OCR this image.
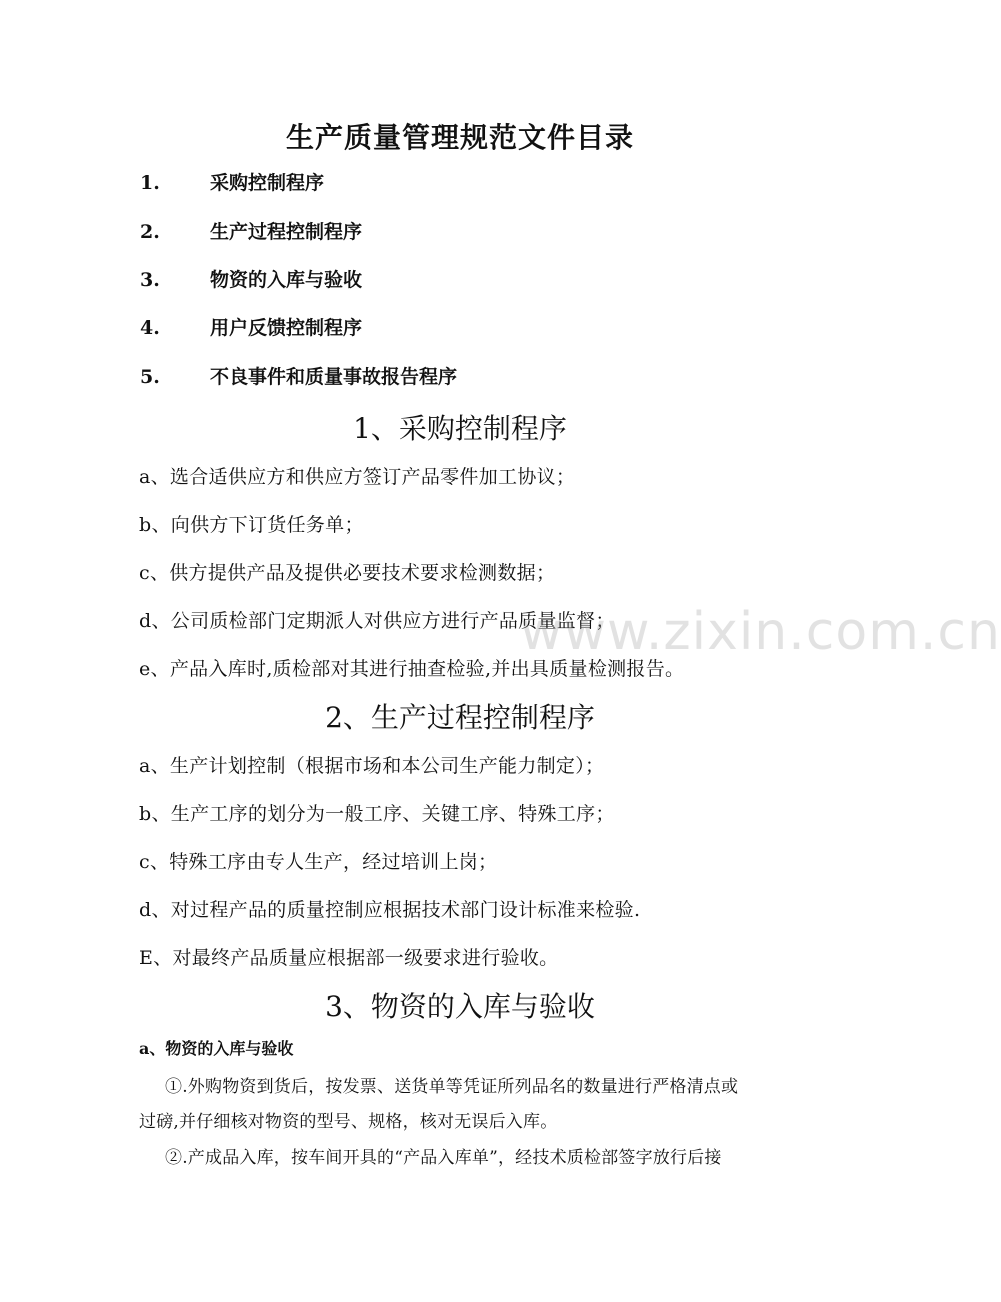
生产质量管理规范文件目录
1.	采购控制程序
2.	生产过程控制程序
3.	物资的入库与验收
4.	用户反馈控制程序
5.	不良事件和质量事故报告程序
1、采购控制程序
a、选合适供应方和供应方签订产品零件加工协议；
b、向供方下订货任务单；
c、供方提供产品及提供必要技术要求检测数据；
d、公司质检部门定期派人对供应方进行产品质量监督；
e、产品入库时,质检部对其进行抽查检验,并出具质量检测报告。
2、生产过程控制程序
a、生产计划控制（根据市场和本公司生产能力制定）；
b、生产工序的划分为一般工序、关键工序、特殊工序；
c、特殊工序由专人生产，经过培训上岗；
d、对过程产品的质量控制应根据技术部门设计标准来检验.
E、对最终产品质量应根据部一级要求进行验收。
3、物资的入库与验收
a、物资的入库与验收
①.外购物资到货后，按发票、送货单等凭证所列品名的数量进行严格清点或
过磅,并仔细核对物资的型号、规格，核对无误后入库。
②.产成品入库，按车间开具的“产品入库单”，经技术质检部签字放行后接
www.zixin.com.cn
